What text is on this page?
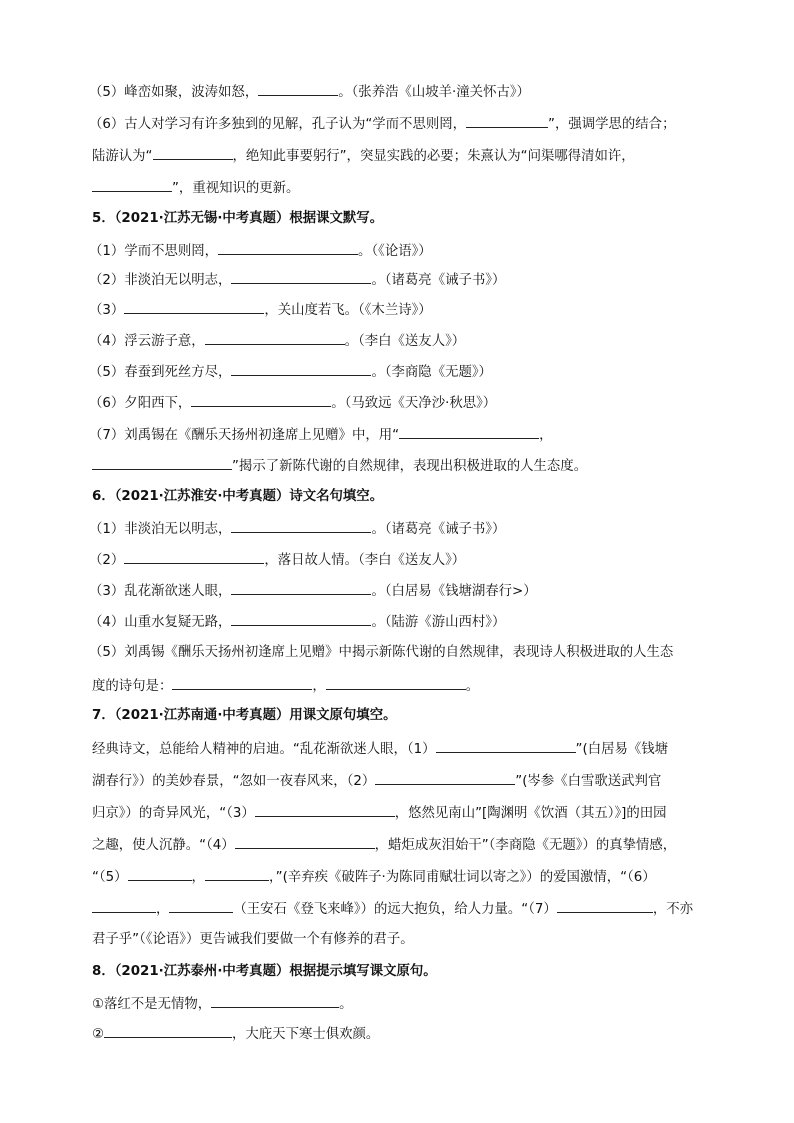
（5）峰峦如聚，波涛如怒，	。（张养浩《山坡羊·潼关怀古》）
（6）古人对学习有许多独到的见解，孔子认为“学而不思则罔，	”，强调学思的结合；
陆游认为“	，绝知此事要躬行”，突显实践的必要；朱熹认为“问渠哪得清如许，
”，重视知识的更新。
5．（2021·江苏无锡·中考真题）根据课文默写。
（1）学而不思则罔，	。（《论语》）
（2）非淡泊无以明志，	。（诸葛亮《诫子书》）
（3）	，关山度若飞。（《木兰诗》）
（4）浮云游子意，	。（李白《送友人》）
（5）春蚕到死丝方尽，	。（李商隐《无题》）
（6）夕阳西下，	。（马致远《天净沙·秋思》）
（7）刘禹锡在《酬乐天扬州初逢席上见赠》中，用“	，
”揭示了新陈代谢的自然规律，表现出积极进取的人生态度。
6．（2021·江苏淮安·中考真题）诗文名句填空。
（1）非淡泊无以明志，	。（诸葛亮《诫子书》）
（2）	，落日故人情。（李白《送友人》）
（3）乱花渐欲迷人眼，	。（白居易《钱塘湖春行>）
（4）山重水复疑无路，	。（陆游《游山西村》）
（5）刘禹锡《酬乐天扬州初逢席上见赠》中揭示新陈代谢的自然规律，表现诗人积极进取的人生态
度的诗句是：	，	。
7．（2021·江苏南通·中考真题）用课文原句填空。
经典诗文，总能给人精神的启迪。“乱花渐欲迷人眼，（1）	”(白居易《钱塘
湖春行》）的美妙春景，“忽如一夜春风来，（2）	”(岑参《白雪歌送武判官
归京》）的奇异风光，“（3）	，悠然见南山”[陶渊明《饮酒（其五）》]的田园
之趣，使人沉静。“（4）	，蜡炬成灰泪始干”（李商隐《无题》）的真挚情感，
“（5）	，	，”(辛弃疾《破阵子·为陈同甫赋壮词以寄之》）的爱国激情，“（6）
，	（王安石《登飞来峰》）的远大抱负，给人力量。“（7）	，不亦
君子乎”（《论语》）更告诫我们要做一个有修养的君子。
8．（2021·江苏泰州·中考真题）根据提示填写课文原句。
①落红不是无情物，	。
②	，大庇天下寒士俱欢颜。
